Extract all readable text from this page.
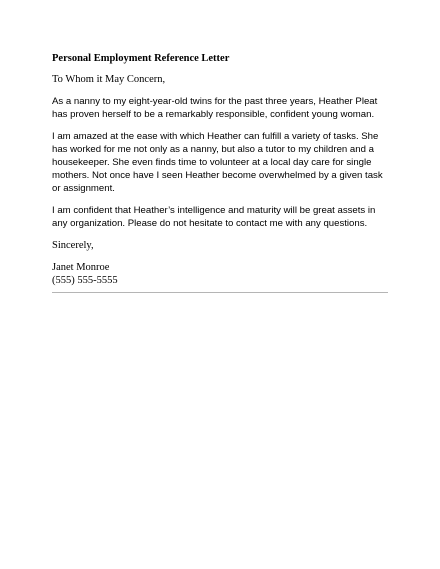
Personal Employment Reference Letter

To Whom it May Concern,

As a nanny to my eight-year-old twins for the past three years, Heather Pleat has proven herself to be a remarkably responsible, confident young woman.

I am amazed at the ease with which Heather can fulfill a variety of tasks. She has worked for me not only as a nanny, but also a tutor to my children and a housekeeper. She even finds time to volunteer at a local day care for single mothers. Not once have I seen Heather become overwhelmed by a given task or assignment.

I am confident that Heather’s intelligence and maturity will be great assets in any organization. Please do not hesitate to contact me with any questions.

Sincerely,

Janet Monroe

(555) 555-5555
